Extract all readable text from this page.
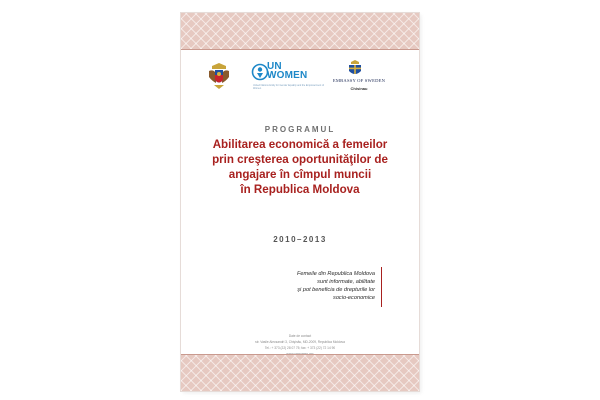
UN
WOMEN
United Nations Entity for Gender Equality and the Empowerment of Women
EMBASSY OF SWEDEN
Chisinau
PROGRAMUL
Abilitarea economică a femeilor
prin creşterea oportunităţilor de
angajare în cîmpul muncii
în Republica Moldova
2010–2013
Femeile din Republica Moldova
sunt informate, abilitate
şi pot beneficia de drepturile lor
socio-economice
Date de contact
str. Vasile Alecsandri 3, Chişinău, MD-2009, Republica Moldova
Tel.: + 373 (22) 28 07 75; fax: + 373 (22) 72 14 90
